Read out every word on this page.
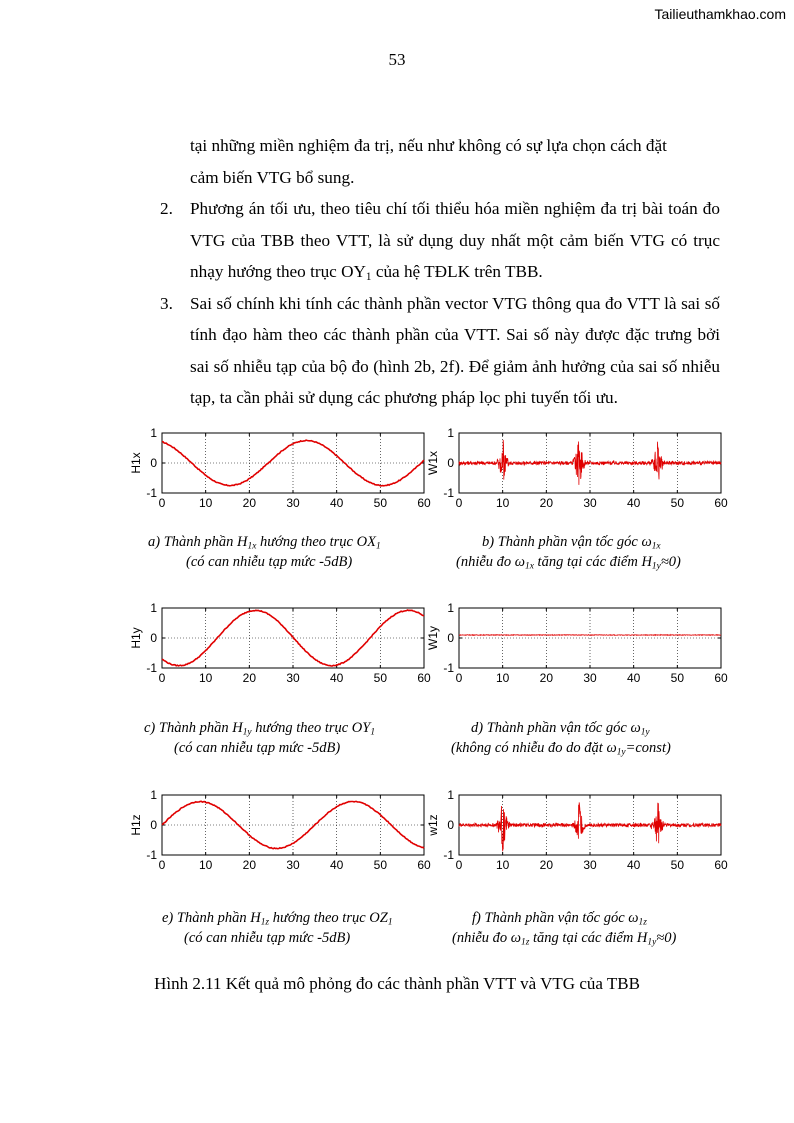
Tailieuthamkhao.com
53

tại những miền nghiệm đa trị, nếu như không có sự lựa chọn cách đặt
cảm biến VTG bổ sung.

2. Phương án tối ưu, theo tiêu chí tối thiểu hóa miền nghiệm đa trị bài toán đo VTG của TBB theo VTT, là sử dụng duy nhất một cảm biến VTG có trục nhạy hướng theo trục $OY_1$ của hệ TĐLK trên TBB.
3. Sai số chính khi tính các thành phần vector VTG thông qua đo VTT là sai số tính đạo hàm theo các thành phần của VTT. Sai số này được đặc trưng bởi sai số nhiễu tạp của bộ đo (hình 2b, 2f). Để giảm ảnh hưởng của sai số nhiễu tạp, ta cần phải sử dụng các phương pháp lọc phi tuyến tối ưu.
0	10	20	30	40	50	60
1
0
-1
H1x
0	10	20	30	40	50	60
1
0
-1
W1x
0	10	20	30	40	50	60
1
0
-1
H1y
0	10	20	30	40	50	60
1
0
-1
W1y
0	10	20	30	40	50	60
1
0
-1
H1z
0	10	20	30	40	50	60
1
0
-1
w1z
a) Thành phần $H_{1x}$ hướng theo trục $OX_1$
(có can nhiễu tạp mức -5dB)
b) Thành phần vận tốc góc $\omega_{1x}$
(nhiễu đo $\omega_{1x}$ tăng tại các điểm $H_{1y}\approx 0$)
c) Thành phần $H_{1y}$ hướng theo trục $OY_1$
(có can nhiễu tạp mức -5dB)
d) Thành phần vận tốc góc $\omega_{1y}$
(không có nhiễu đo do đặt $\omega_{1y}=const$)
e) Thành phần $H_{1z}$ hướng theo trục $OZ_1$
(có can nhiễu tạp mức -5dB)
f) Thành phần vận tốc góc $\omega_{1z}$
(nhiễu đo $\omega_{1z}$ tăng tại các điểm $H_{1y}\approx 0$)
Hình 2.11 Kết quả mô phỏng đo các thành phần VTT và VTG của TBB
